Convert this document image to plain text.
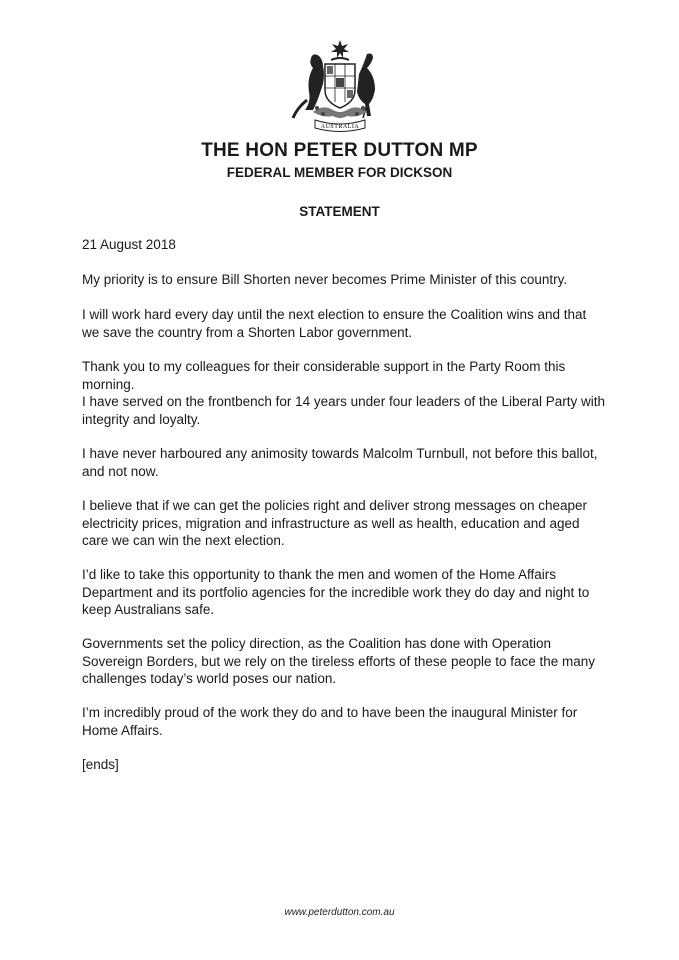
AUSTRALIA
THE HON PETER DUTTON MP
FEDERAL MEMBER FOR DICKSON
STATEMENT
21 August 2018

My priority is to ensure Bill Shorten never becomes Prime Minister of this country.

I will work hard every day until the next election to ensure the Coalition wins and that we save the country from a Shorten Labor government.

Thank you to my colleagues for their considerable support in the Party Room this morning.

I have served on the frontbench for 14 years under four leaders of the Liberal Party with integrity and loyalty.

I have never harboured any animosity towards Malcolm Turnbull, not before this ballot, and not now.

I believe that if we can get the policies right and deliver strong messages on cheaper electricity prices, migration and infrastructure as well as health, education and aged care we can win the next election.

I’d like to take this opportunity to thank the men and women of the Home Affairs Department and its portfolio agencies for the incredible work they do day and night to keep Australians safe.

Governments set the policy direction, as the Coalition has done with Operation Sovereign Borders, but we rely on the tireless efforts of these people to face the many challenges today’s world poses our nation.

I’m incredibly proud of the work they do and to have been the inaugural Minister for Home Affairs.

[ends]

www.peterdutton.com.au
